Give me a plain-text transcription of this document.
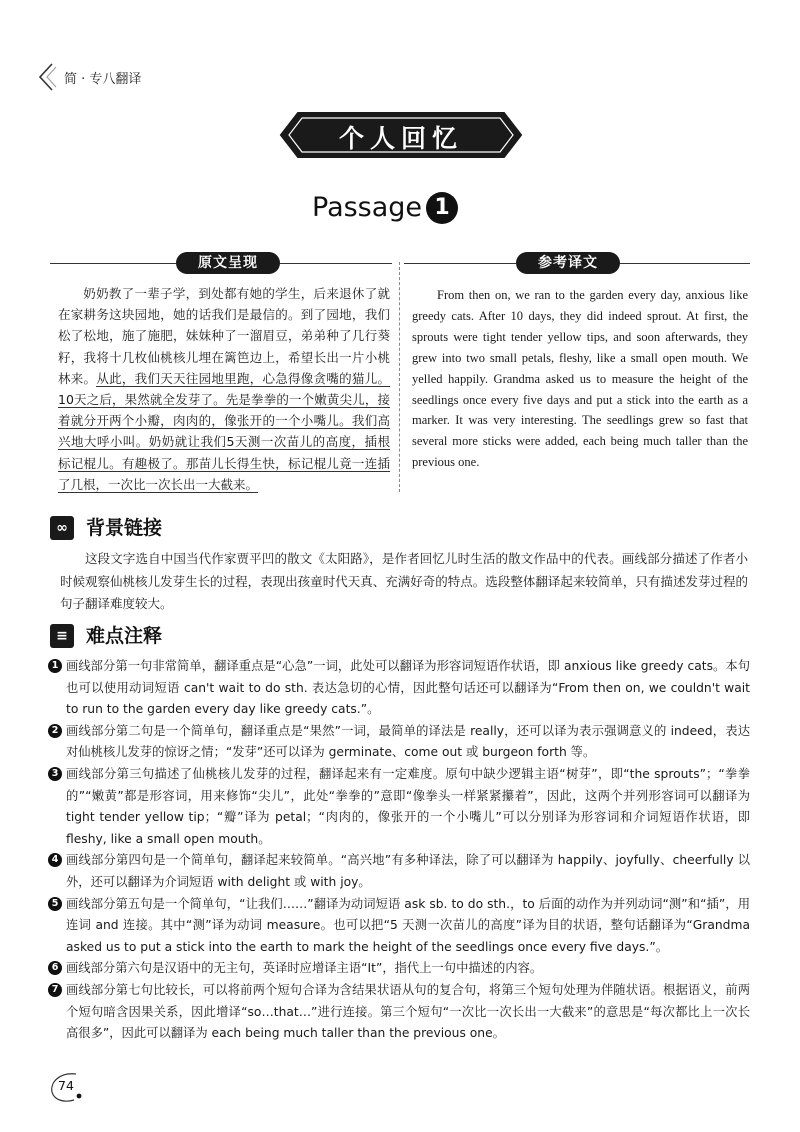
简 · 专八翻译
个人回忆
Passage 1
原文呈现	参考译文
奶奶教了一辈子学，到处都有她的学生，后来退休了就在家耕务这块园地，她的话我们是最信的。到了园地，我们松了松地，施了施肥，妹妹种了一溜眉豆，弟弟种了几行葵籽，我将十几枚仙桃核儿埋在篱笆边上，希望长出一片小桃林来。从此，我们天天往园地里跑，心急得像贪嘴的猫儿。10天之后，果然就全发芽了。先是拳拳的一个嫩黄尖儿，接着就分开两个小瓣，肉肉的，像张开的一个小嘴儿。我们高兴地大呼小叫。奶奶就让我们5天测一次苗儿的高度，插根标记棍儿。有趣极了。那苗儿长得生快，标记棍儿竟一连插了几根，一次比一次长出一大截来。

From then on, we ran to the garden every day, anxious like greedy cats. After 10 days, they did indeed sprout. At first, the sprouts were tight tender yellow tips, and soon afterwards, they grew into two small petals, fleshy, like a small open mouth. We yelled happily. Grandma asked us to measure the height of the seedlings once every five days and put a stick into the earth as a marker. It was very interesting. The seedlings grew so fast that several more sticks were added, each being much taller than the previous one.

∞ 背景链接
这段文字选自中国当代作家贾平凹的散文《太阳路》，是作者回忆儿时生活的散文作品中的代表。画线部分描述了作者小时候观察仙桃核儿发芽生长的过程，表现出孩童时代天真、充满好奇的特点。选段整体翻译起来较简单，只有描述发芽过程的句子翻译难度较大。
≡ 难点注释
1 画线部分第一句非常简单，翻译重点是“心急”一词，此处可以翻译为形容词短语作状语，即 anxious like greedy cats。本句也可以使用动词短语 can't wait to do sth. 表达急切的心情，因此整句话还可以翻译为“From then on, we couldn't wait to run to the garden every day like greedy cats.”。
2 画线部分第二句是一个简单句，翻译重点是“果然”一词，最简单的译法是 really，还可以译为表示强调意义的 indeed，表达对仙桃核儿发芽的惊讶之情；“发芽”还可以译为 germinate、come out 或 burgeon forth 等。
3 画线部分第三句描述了仙桃核儿发芽的过程，翻译起来有一定难度。原句中缺少逻辑主语“树芽”，即“the sprouts”；“拳拳的”“嫩黄”都是形容词，用来修饰“尖儿”，此处“拳拳的”意即“像拳头一样紧紧攥着”，因此，这两个并列形容词可以翻译为 tight tender yellow tip；“瓣”译为 petal；“肉肉的，像张开的一个小嘴儿”可以分别译为形容词和介词短语作状语，即 fleshy, like a small open mouth。
4 画线部分第四句是一个简单句，翻译起来较简单。“高兴地”有多种译法，除了可以翻译为 happily、joyfully、cheerfully 以外，还可以翻译为介词短语 with delight 或 with joy。
5 画线部分第五句是一个简单句，“让我们……”翻译为动词短语 ask sb. to do sth.，to 后面的动作为并列动词“测”和“插”，用连词 and 连接。其中“测”译为动词 measure。也可以把“5 天测一次苗儿的高度”译为目的状语，整句话翻译为“Grandma asked us to put a stick into the earth to mark the height of the seedlings once every five days.”。
6 画线部分第六句是汉语中的无主句，英译时应增译主语“It”，指代上一句中描述的内容。
7 画线部分第七句比较长，可以将前两个短句合译为含结果状语从句的复合句，将第三个短句处理为伴随状语。根据语义，前两个短句暗含因果关系，因此增译“so…that…”进行连接。第三个短句“一次比一次长出一大截来”的意思是“每次都比上一次长高很多”，因此可以翻译为 each being much taller than the previous one。
74
